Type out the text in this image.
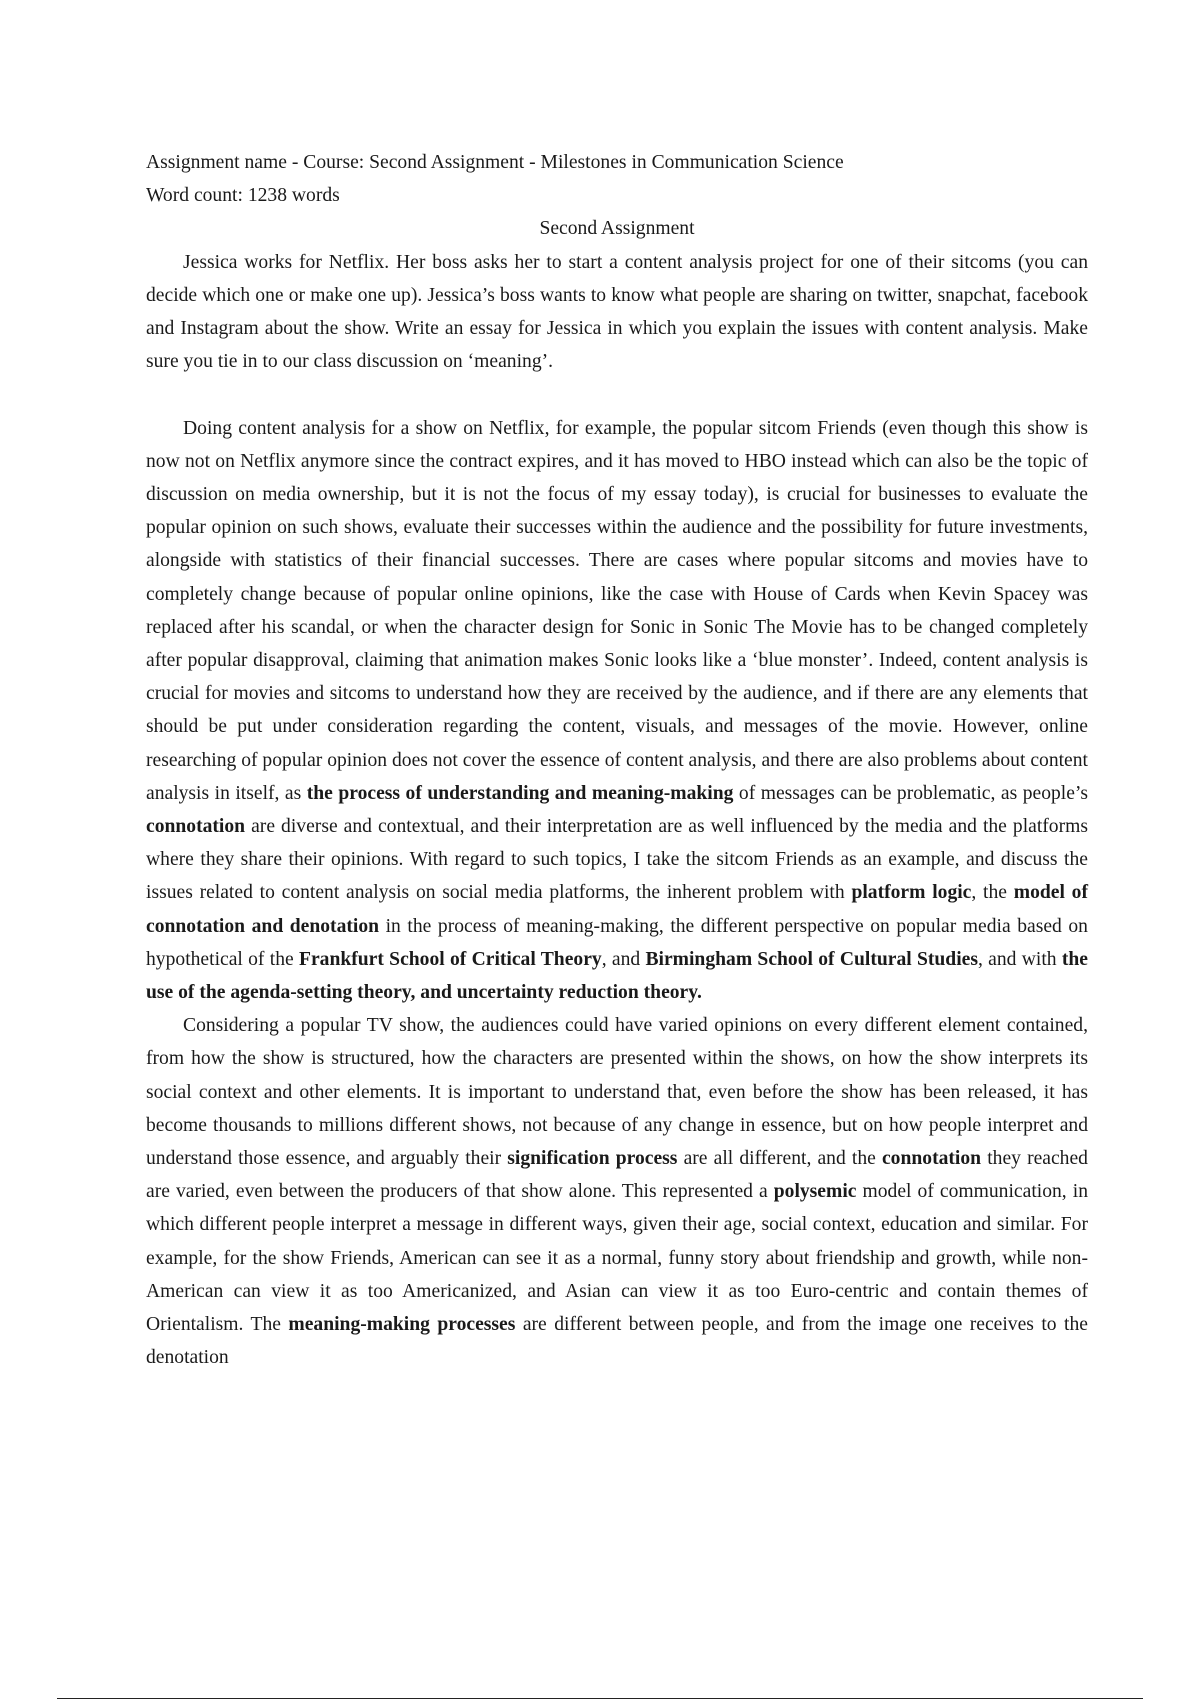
Assignment name - Course: Second Assignment - Milestones in Communication Science

Word count: 1238 words

Second Assignment

Jessica works for Netflix. Her boss asks her to start a content analysis project for one of their sitcoms (you can decide which one or make one up). Jessica’s boss wants to know what people are sharing on twitter, snapchat, facebook and Instagram about the show. Write an essay for Jessica in which you explain the issues with content analysis. Make sure you tie in to our class discussion on ‘meaning’.

Doing content analysis for a show on Netflix, for example, the popular sitcom Friends (even though this show is now not on Netflix anymore since the contract expires, and it has moved to HBO instead which can also be the topic of discussion on media ownership, but it is not the focus of my essay today), is crucial for businesses to evaluate the popular opinion on such shows, evaluate their successes within the audience and the possibility for future investments, alongside with statistics of their financial successes. There are cases where popular sitcoms and movies have to completely change because of popular online opinions, like the case with House of Cards when Kevin Spacey was replaced after his scandal, or when the character design for Sonic in Sonic The Movie has to be changed completely after popular disapproval, claiming that animation makes Sonic looks like a ‘blue monster’. Indeed, content analysis is crucial for movies and sitcoms to understand how they are received by the audience, and if there are any elements that should be put under consideration regarding the content, visuals, and messages of the movie. However, online researching of popular opinion does not cover the essence of content analysis, and there are also problems about content analysis in itself, as the process of understanding and meaning-making of messages can be problematic, as people’s connotation are diverse and contextual, and their interpretation are as well influenced by the media and the platforms where they share their opinions. With regard to such topics, I take the sitcom Friends as an example, and discuss the issues related to content analysis on social media platforms, the inherent problem with platform logic, the model of connotation and denotation in the process of meaning-making, the different perspective on popular media based on hypothetical of the Frankfurt School of Critical Theory, and Birmingham School of Cultural Studies, and with the use of the agenda-setting theory, and uncertainty reduction theory.

Considering a popular TV show, the audiences could have varied opinions on every different element contained, from how the show is structured, how the characters are presented within the shows, on how the show interprets its social context and other elements. It is important to understand that, even before the show has been released, it has become thousands to millions different shows, not because of any change in essence, but on how people interpret and understand those essence, and arguably their signification process are all different, and the connotation they reached are varied, even between the producers of that show alone. This represented a polysemic model of communication, in which different people interpret a message in different ways, given their age, social context, education and similar. For example, for the show Friends, American can see it as a normal, funny story about friendship and growth, while non-American can view it as too Americanized, and Asian can view it as too Euro-centric and contain themes of Orientalism. The meaning-making processes are different between people, and from the image one receives to the denotation
